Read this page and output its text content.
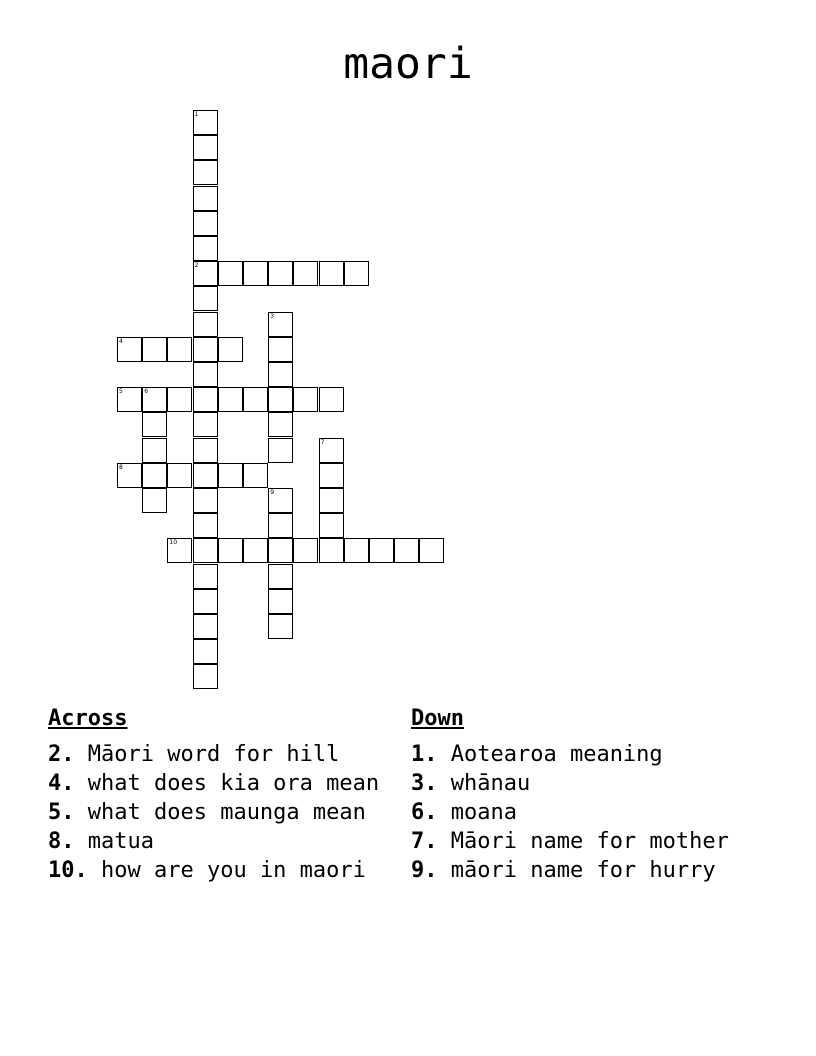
maori
1
2
3
4
5	6
7
8
9
10
Across
2. Māori word for hill
4. what does kia ora mean
5. what does maunga mean
8. matua
10. how are you in maori
Down
1. Aotearoa meaning
3. whānau
6. moana
7. Māori name for mother
9. māori name for hurry
